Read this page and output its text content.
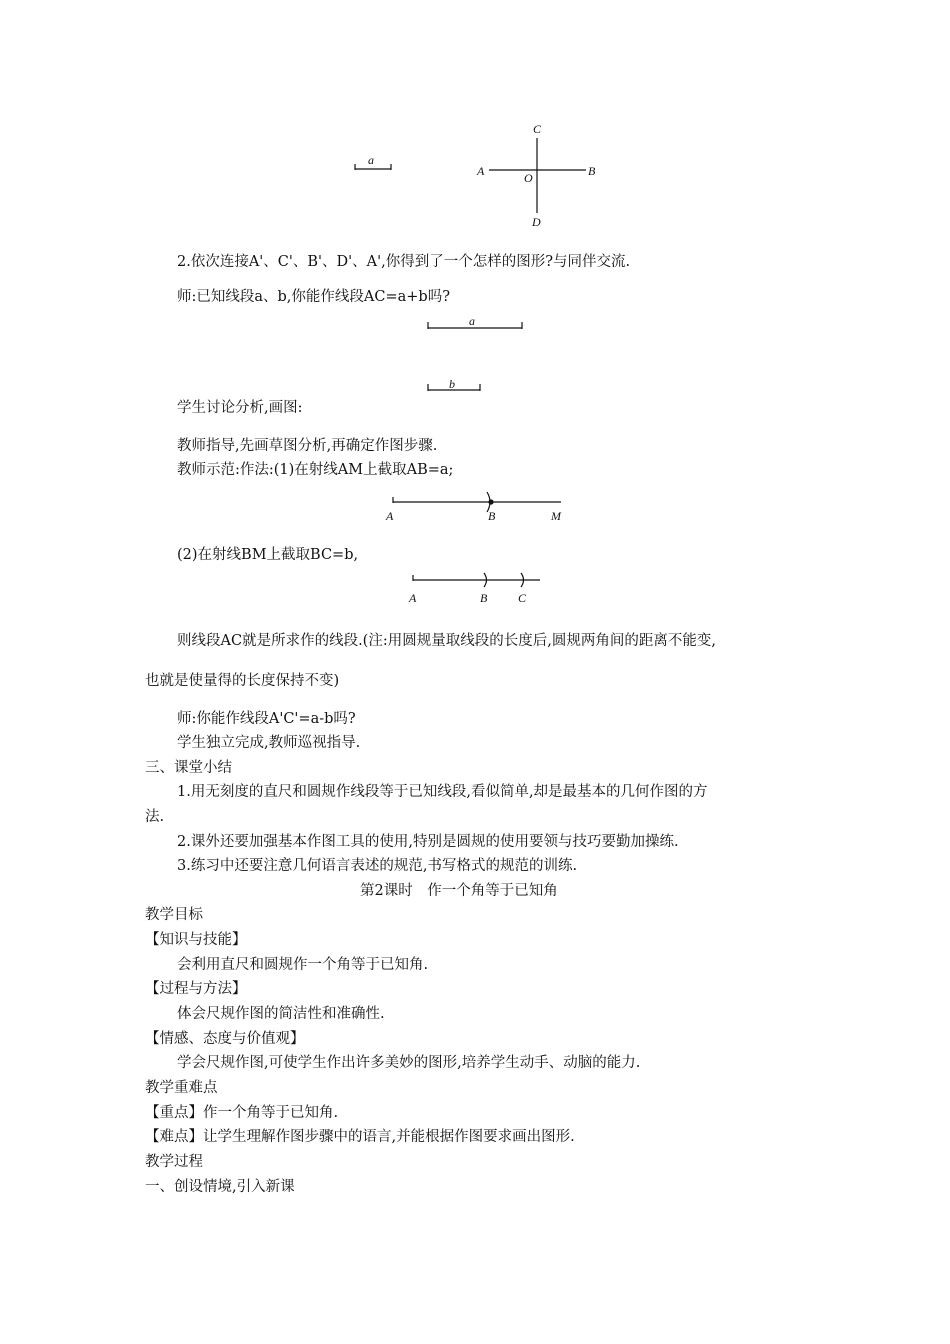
a
C
A	O	B
D
a
b
A	B	M
A	B	C
2.依次连接A'、C'、B'、D'、A',你得到了一个怎样的图形?与同伴交流.
师:已知线段a、b,你能作线段AC=a+b吗?
学生讨论分析,画图:
教师指导,先画草图分析,再确定作图步骤.
教师示范:作法:(1)在射线AM上截取AB=a;
(2)在射线BM上截取BC=b,
则线段AC就是所求作的线段.(注:用圆规量取线段的长度后,圆规两角间的距离不能变,
也就是使量得的长度保持不变)
师:你能作线段A'C'=a-b吗?
学生独立完成,教师巡视指导.
三、课堂小结
1.用无刻度的直尺和圆规作线段等于已知线段,看似简单,却是最基本的几何作图的方
法.
2.课外还要加强基本作图工具的使用,特别是圆规的使用要领与技巧要勤加操练.
3.练习中还要注意几何语言表述的规范,书写格式的规范的训练.
第2课时　作一个角等于已知角
教学目标
【知识与技能】
会利用直尺和圆规作一个角等于已知角.
【过程与方法】
体会尺规作图的简洁性和准确性.
【情感、态度与价值观】
学会尺规作图,可使学生作出许多美妙的图形,培养学生动手、动脑的能力.
教学重难点
【重点】作一个角等于已知角.
【难点】让学生理解作图步骤中的语言,并能根据作图要求画出图形.
教学过程
一、创设情境,引入新课
